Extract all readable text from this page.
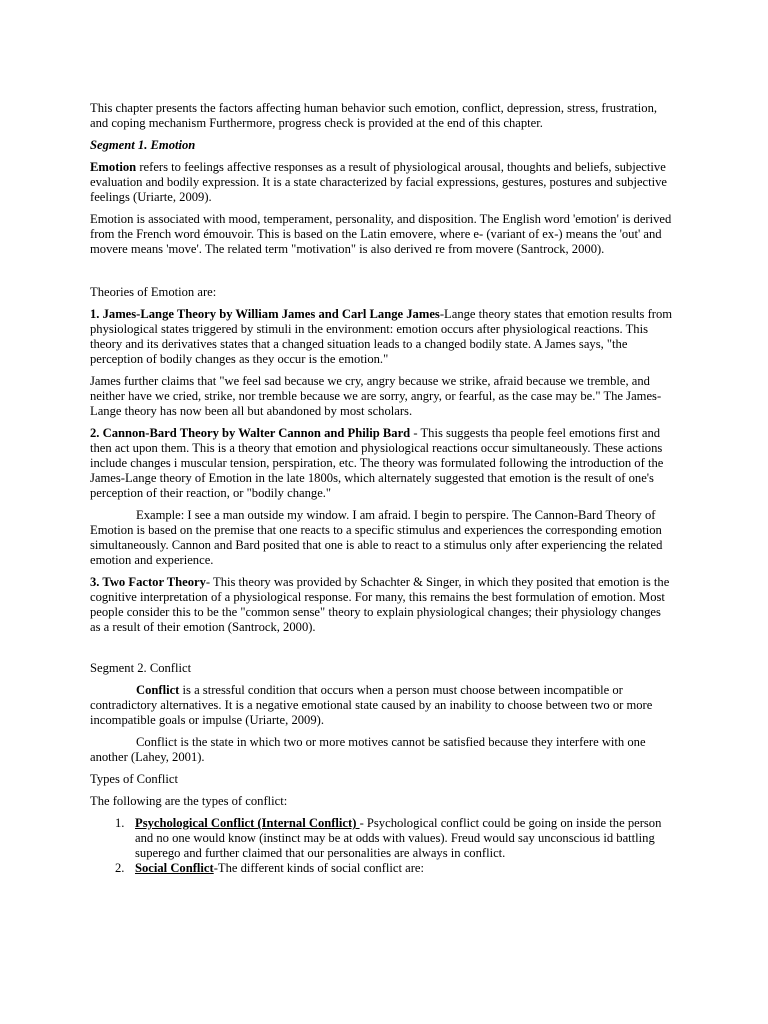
This chapter presents the factors affecting human behavior such emotion, conflict, depression, stress, frustration, and coping mechanism Furthermore, progress check is provided at the end of this chapter.

Segment 1. Emotion

Emotion refers to feelings affective responses as a result of physiological arousal, thoughts and beliefs, subjective evaluation and bodily expression. It is a state characterized by facial expressions, gestures, postures and subjective feelings (Uriarte, 2009).

Emotion is associated with mood, temperament, personality, and disposition. The English word 'emotion' is derived from the French word émouvoir. This is based on the Latin emovere, where e- (variant of ex-) means the 'out' and movere means 'move'. The related term "motivation" is also derived re from movere (Santrock, 2000).

Theories of Emotion are:

1. James-Lange Theory by William James and Carl Lange James-Lange theory states that emotion results from physiological states triggered by stimuli in the environment: emotion occurs after physiological reactions. This theory and its derivatives states that a changed situation leads to a changed bodily state. A James says, "the perception of bodily changes as they occur is the emotion."

James further claims that "we feel sad because we cry, angry because we strike, afraid because we tremble, and neither have we cried, strike, nor tremble because we are sorry, angry, or fearful, as the case may be." The James-Lange theory has now been all but abandoned by most scholars.

2. Cannon-Bard Theory by Walter Cannon and Philip Bard - This suggests tha people feel emotions first and then act upon them. This is a theory that emotion and physiological reactions occur simultaneously. These actions include changes i muscular tension, perspiration, etc. The theory was formulated following the introduction of the James-Lange theory of Emotion in the late 1800s, which alternately suggested that emotion is the result of one's perception of their reaction, or "bodily change."

Example: I see a man outside my window. I am afraid. I begin to perspire. The Cannon-Bard Theory of Emotion is based on the premise that one reacts to a specific stimulus and experiences the corresponding emotion simultaneously. Cannon and Bard posited that one is able to react to a stimulus only after experiencing the related emotion and experience.

3. Two Factor Theory- This theory was provided by Schachter & Singer, in which they posited that emotion is the cognitive interpretation of a physiological response. For many, this remains the best formulation of emotion. Most people consider this to be the "common sense" theory to explain physiological changes; their physiology changes as a result of their emotion (Santrock, 2000).

Segment 2. Conflict

Conflict is a stressful condition that occurs when a person must choose between incompatible or contradictory alternatives. It is a negative emotional state caused by an inability to choose between two or more incompatible goals or impulse (Uriarte, 2009).

Conflict is the state in which two or more motives cannot be satisfied because they interfere with one another (Lahey, 2001).

Types of Conflict

The following are the types of conflict:

1. Psychological Conflict (Internal Conflict) - Psychological conflict could be going on inside the person and no one would know (instinct may be at odds with values). Freud would say unconscious id battling superego and further claimed that our personalities are always in conflict.
2. Social Conflict-The different kinds of social conflict are:
